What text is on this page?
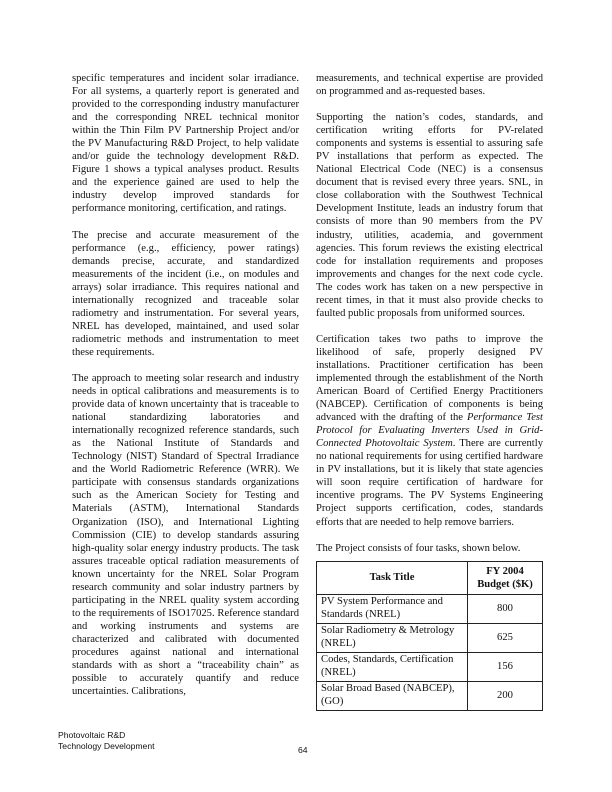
specific temperatures and incident solar irradiance. For all systems, a quarterly report is generated and provided to the corresponding industry manufacturer and the corresponding NREL technical monitor within the Thin Film PV Partnership Project and/or the PV Manufacturing R&D Project, to help validate and/or guide the technology development R&D. Figure 1 shows a typical analyses product. Results and the experience gained are used to help the industry develop improved standards for performance monitoring, certification, and ratings.

The precise and accurate measurement of the performance (e.g., efficiency, power ratings) demands precise, accurate, and standardized measurements of the incident (i.e., on modules and arrays) solar irradiance. This requires national and internationally recognized and traceable solar radiometry and instrumentation. For several years, NREL has developed, maintained, and used solar radiometric methods and instrumentation to meet these requirements.

The approach to meeting solar research and industry needs in optical calibrations and measurements is to provide data of known uncertainty that is traceable to national standardizing laboratories and internationally recognized reference standards, such as the National Institute of Standards and Technology (NIST) Standard of Spectral Irradiance and the World Radiometric Reference (WRR). We participate with consensus standards organizations such as the American Society for Testing and Materials (ASTM), International Standards Organization (ISO), and International Lighting Commission (CIE) to develop standards assuring high-quality solar energy industry products. The task assures traceable optical radiation measurements of known uncertainty for the NREL Solar Program research community and solar industry partners by participating in the NREL quality system according to the requirements of ISO17025. Reference standard and working instruments and systems are characterized and calibrated with documented procedures against national and international standards with as short a “traceability chain” as possible to accurately quantify and reduce uncertainties. Calibrations,

measurements, and technical expertise are provided on programmed and as-requested bases.

Supporting the nation’s codes, standards, and certification writing efforts for PV-related components and systems is essential to assuring safe PV installations that perform as expected. The National Electrical Code (NEC) is a consensus document that is revised every three years. SNL, in close collaboration with the Southwest Technical Development Institute, leads an industry forum that consists of more than 90 members from the PV industry, utilities, academia, and government agencies. This forum reviews the existing electrical code for installation requirements and proposes improvements and changes for the next code cycle. The codes work has taken on a new perspective in recent times, in that it must also provide checks to faulted public proposals from uniformed sources.

Certification takes two paths to improve the likelihood of safe, properly designed PV installations. Practitioner certification has been implemented through the establishment of the North American Board of Certified Energy Practitioners (NABCEP). Certification of components is being advanced with the drafting of the Performance Test Protocol for Evaluating Inverters Used in Grid-Connected Photovoltaic System. There are currently no national requirements for using certified hardware in PV installations, but it is likely that state agencies will soon require certification of hardware for incentive programs. The PV Systems Engineering Project supports certification, codes, standards efforts that are needed to help remove barriers.

The Project consists of four tasks, shown below.

Task Title	FY 2004
Budget ($K)
PV System Performance and Standards (NREL)	800
Solar Radiometry & Metrology (NREL)	625
Codes, Standards, Certification (NREL)	156
Solar Broad Based (NABCEP), (GO)	200
Photovoltaic R&D
Technology Development	64
